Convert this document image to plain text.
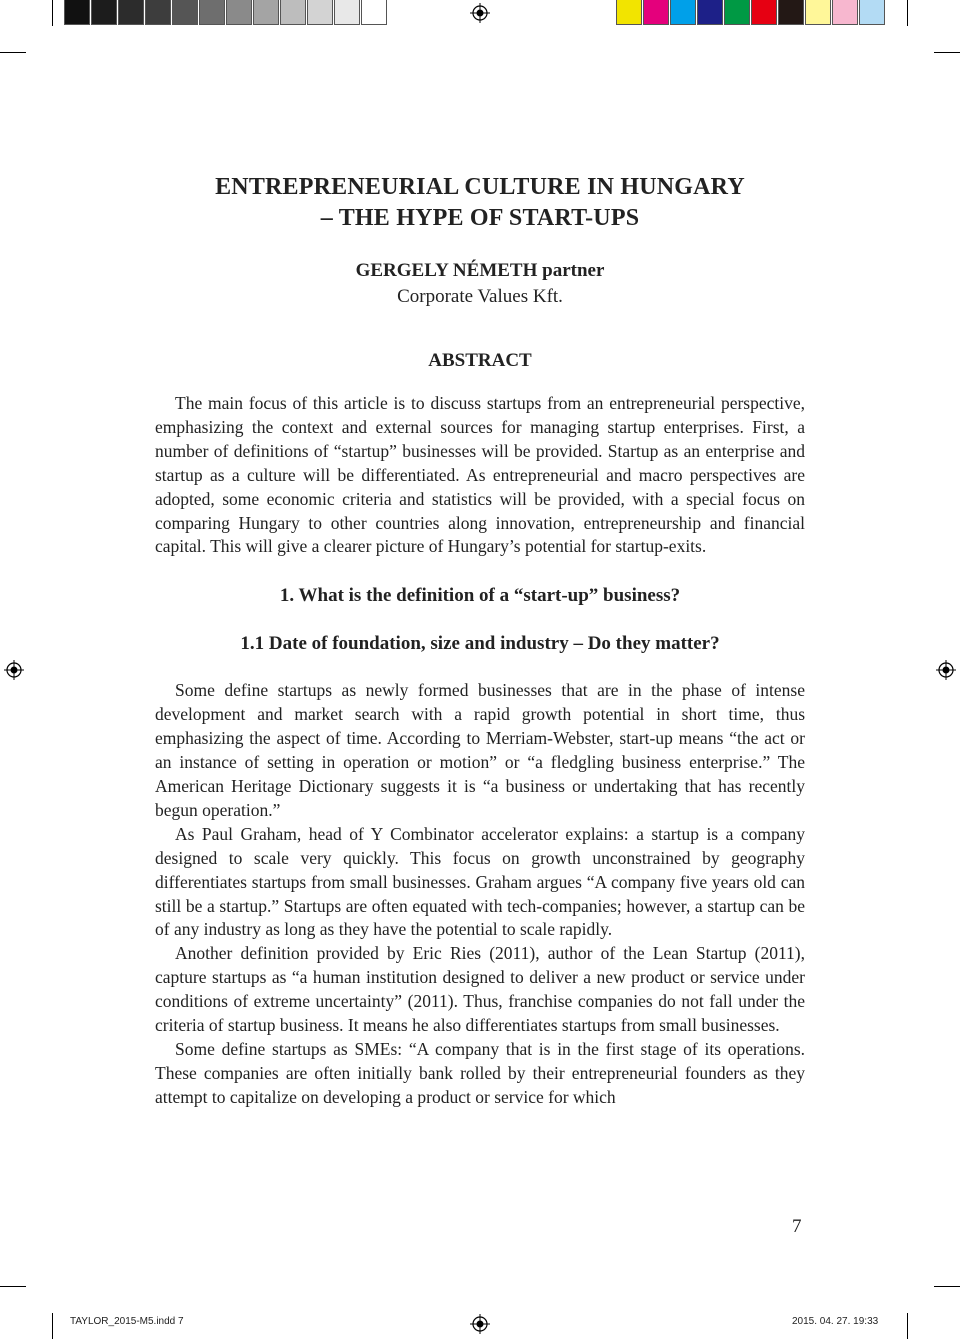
ENTREPRENEURIAL CULTURE IN HUNGARY
– THE HYPE OF START-UPS
GERGELY NÉMETH partner
Corporate Values Kft.
ABSTRACT

The main focus of this article is to discuss startups from an entrepreneurial perspective, emphasizing the context and external sources for managing startup enterprises. First, a number of definitions of “startup” businesses will be provided. Startup as an enterprise and startup as a culture will be differentiated. As entrepreneurial and macro perspectives are adopted, some economic criteria and statistics will be provided, with a special focus on comparing Hungary to other countries along innovation, entrepreneurship and financial capital. This will give a clearer picture of Hungary’s potential for startup-exits.

1. What is the definition of a “start-up” business?
1.1 Date of foundation, size and industry – Do they matter?

Some define startups as newly formed businesses that are in the phase of intense development and market search with a rapid growth potential in short time, thus emphasizing the aspect of time. According to Merriam-Webster, start-up means “the act or an instance of setting in operation or motion” or “a fledgling business enterprise.” The American Heritage Dictionary suggests it is “a business or undertaking that has recently begun operation.”

As Paul Graham, head of Y Combinator accelerator explains: a startup is a company designed to scale very quickly. This focus on growth unconstrained by geography differentiates startups from small businesses. Graham argues “A company five years old can still be a startup.” Startups are often equated with tech-companies; however, a startup can be of any industry as long as they have the potential to scale rapidly.

Another definition provided by Eric Ries (2011), author of the Lean Startup (2011), capture startups as “a human institution designed to deliver a new product or service under conditions of extreme uncertainty” (2011). Thus, franchise companies do not fall under the criteria of startup business. It means he also differentiates startups from small businesses.

Some define startups as SMEs: “A company that is in the first stage of its operations. These companies are often initially bank rolled by their entrepreneurial founders as they attempt to capitalize on developing a product or service for which

7
TAYLOR_2015-M5.indd 7	2015. 04. 27. 19:33
